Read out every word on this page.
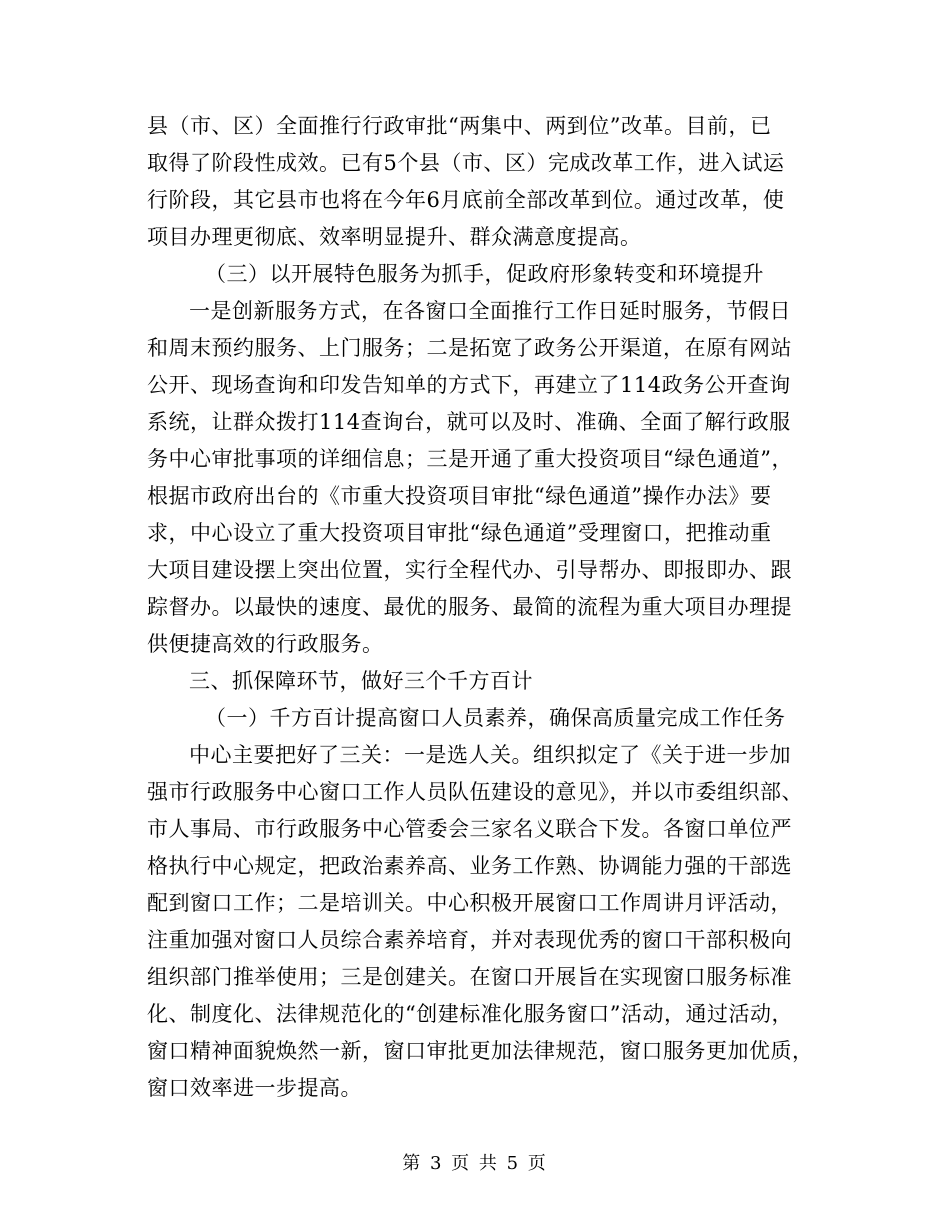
县（市、区）全面推行行政审批“两集中、两到位”改革。目前，已
取得了阶段性成效。已有5个县（市、区）完成改革工作，进入试运
行阶段，其它县市也将在今年6月底前全部改革到位。通过改革，使
项目办理更彻底、效率明显提升、群众满意度提高。
（三）以开展特色服务为抓手，促政府形象转变和环境提升
一是创新服务方式，在各窗口全面推行工作日延时服务，节假日
和周末预约服务、上门服务；二是拓宽了政务公开渠道，在原有网站
公开、现场查询和印发告知单的方式下，再建立了114政务公开查询
系统，让群众拨打114查询台，就可以及时、准确、全面了解行政服
务中心审批事项的详细信息；三是开通了重大投资项目“绿色通道”，
根据市政府出台的《市重大投资项目审批“绿色通道”操作办法》要
求，中心设立了重大投资项目审批“绿色通道”受理窗口，把推动重
大项目建设摆上突出位置，实行全程代办、引导帮办、即报即办、跟
踪督办。以最快的速度、最优的服务、最简的流程为重大项目办理提
供便捷高效的行政服务。
三、抓保障环节，做好三个千方百计
（一）千方百计提高窗口人员素养，确保高质量完成工作任务
中心主要把好了三关：一是选人关。组织拟定了《关于进一步加
强市行政服务中心窗口工作人员队伍建设的意见》，并以市委组织部、
市人事局、市行政服务中心管委会三家名义联合下发。各窗口单位严
格执行中心规定，把政治素养高、业务工作熟、协调能力强的干部选
配到窗口工作；二是培训关。中心积极开展窗口工作周讲月评活动，
注重加强对窗口人员综合素养培育，并对表现优秀的窗口干部积极向
组织部门推举使用；三是创建关。在窗口开展旨在实现窗口服务标准
化、制度化、法律规范化的“创建标准化服务窗口”活动，通过活动，
窗口精神面貌焕然一新，窗口审批更加法律规范，窗口服务更加优质，
窗口效率进一步提高。
第 3 页 共 5 页
